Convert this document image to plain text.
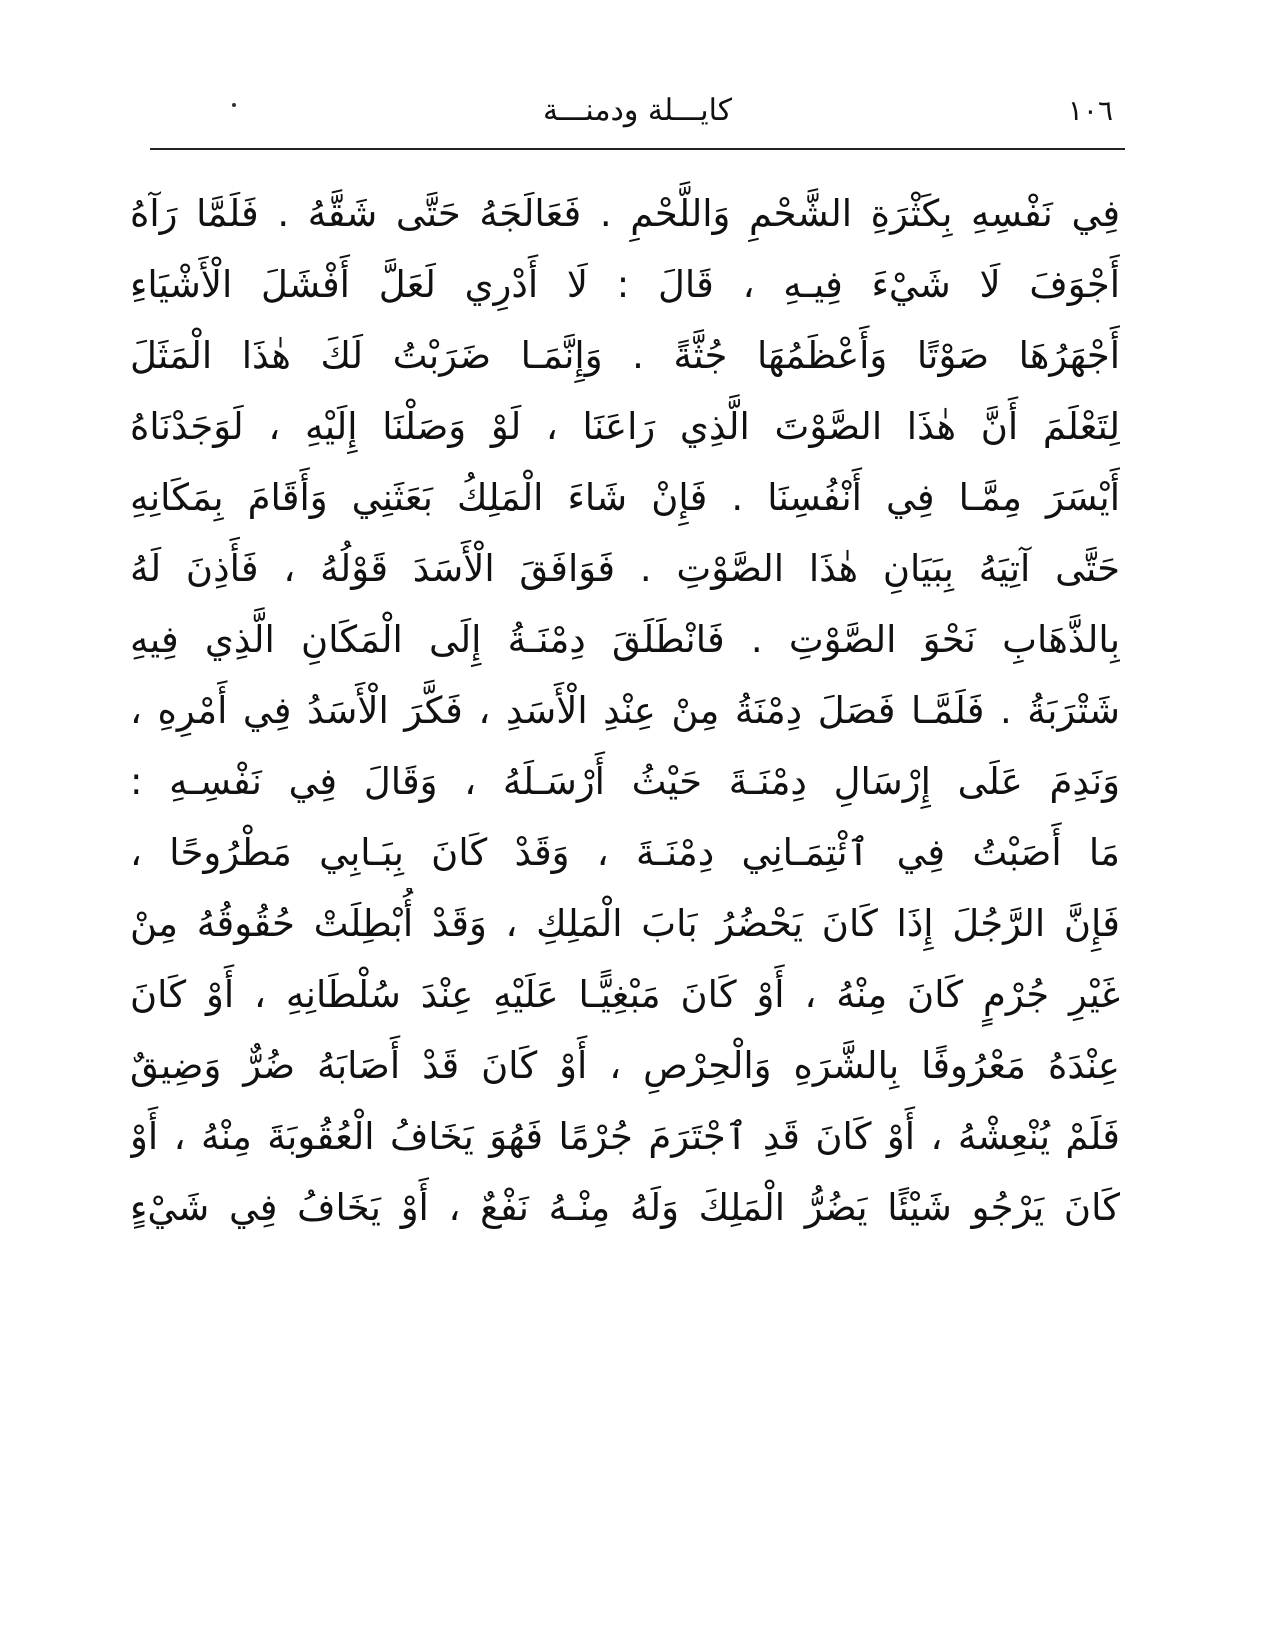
كايـــلة ودمنـــة	١٠٦
فِي نَفْسِهِ بِكَثْرَةِ الشَّحْمِ وَاللَّحْمِ . فَعَالَجَهُ حَتَّى شَقَّهُ . فَلَمَّا رَآهُ
أَجْوَفَ لَا شَيْءَ فِيـهِ ، قَالَ : لَا أَدْرِي لَعَلَّ أَفْشَلَ الْأَشْيَاءِ
أَجْهَرُهَا صَوْتًا وَأَعْظَمُهَا جُثَّةً . وَإِنَّمَـا ضَرَبْتُ لَكَ هٰذَا الْمَثَلَ
لِتَعْلَمَ أَنَّ هٰذَا الصَّوْتَ الَّذِي رَاعَنَا ، لَوْ وَصَلْنَا إِلَيْهِ ، لَوَجَدْنَاهُ
أَيْسَرَ مِمَّـا فِي أَنْفُسِنَا . فَإِنْ شَاءَ الْمَلِكُ بَعَثَنِي وَأَقَامَ بِمَكَانِهِ
حَتَّى آتِيَهُ بِبَيَانِ هٰذَا الصَّوْتِ . فَوَافَقَ الْأَسَدَ قَوْلُهُ ، فَأَذِنَ لَهُ
بِالذَّهَابِ نَحْوَ الصَّوْتِ . فَانْطَلَقَ دِمْنَـةُ إِلَى الْمَكَانِ الَّذِي فِيهِ
شَتْرَبَةُ . فَلَمَّـا فَصَلَ دِمْنَةُ مِنْ عِنْدِ الْأَسَدِ ، فَكَّرَ الْأَسَدُ فِي أَمْرِهِ ،
وَنَدِمَ عَلَى إِرْسَالِ دِمْنَـةَ حَيْثُ أَرْسَـلَهُ ، وَقَالَ فِي نَفْسِـهِ :
مَا أَصَبْتُ فِي ٱئْتِمَـانِي دِمْنَـةَ ، وَقَدْ كَانَ بِبَـابِي مَطْرُوحًا ،
فَإِنَّ الرَّجُلَ إِذَا كَانَ يَحْضُرُ بَابَ الْمَلِكِ ، وَقَدْ أُبْطِلَتْ حُقُوقُهُ مِنْ
غَيْرِ جُرْمٍ كَانَ مِنْهُ ، أَوْ كَانَ مَبْغِيًّـا عَلَيْهِ عِنْدَ سُلْطَانِهِ ، أَوْ كَانَ
عِنْدَهُ مَعْرُوفًا بِالشَّرَهِ وَالْحِرْصِ ، أَوْ كَانَ قَدْ أَصَابَهُ ضُرٌّ وَضِيقٌ
فَلَمْ يُنْعِشْهُ ، أَوْ كَانَ قَدِ ٱجْتَرَمَ جُرْمًا فَهُوَ يَخَافُ الْعُقُوبَةَ مِنْهُ ، أَوْ
كَانَ يَرْجُو شَيْئًا يَضُرُّ الْمَلِكَ وَلَهُ مِنْـهُ نَفْعٌ ، أَوْ يَخَافُ فِي شَيْءٍ
